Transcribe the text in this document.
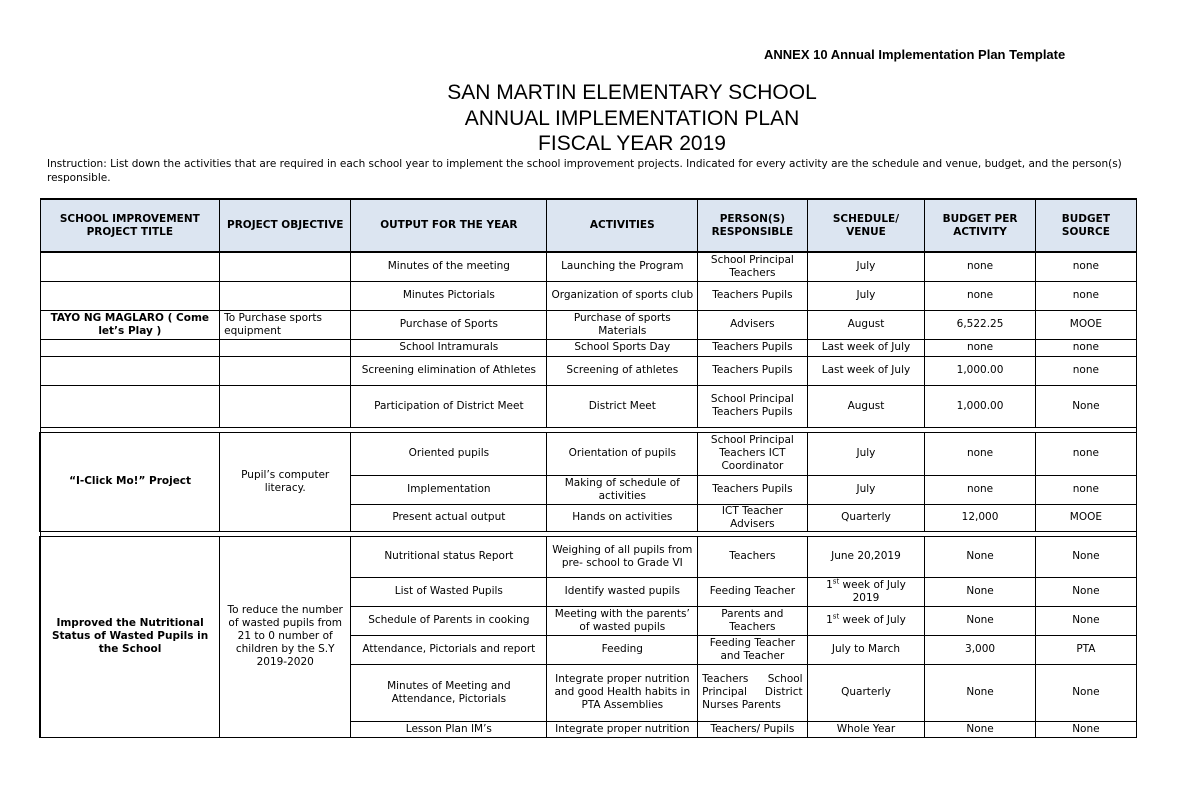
ANNEX 10 Annual Implementation Plan Template
SAN MARTIN ELEMENTARY SCHOOL
ANNUAL IMPLEMENTATION PLAN
FISCAL YEAR 2019
Instruction: List down the activities that are required in each school year to implement the school improvement projects. Indicated for every activity are the schedule and venue, budget, and the person(s) responsible.
SCHOOL IMPROVEMENT PROJECT TITLE	PROJECT OBJECTIVE	OUTPUT FOR THE YEAR	ACTIVITIES	PERSON(S) RESPONSIBLE	SCHEDULE/ VENUE	BUDGET PER ACTIVITY	BUDGET SOURCE
		Minutes of the meeting	Launching the Program	School Principal Teachers	July	none	none
		Minutes Pictorials	Organization of sports club	Teachers Pupils	July	none	none
TAYO NG MAGLARO ( Come let’s Play )	To Purchase sports equipment	Purchase of Sports	Purchase of sports Materials	Advisers	August	6,522.25	MOOE
		School Intramurals	School Sports Day	Teachers Pupils	Last week of July	none	none
		Screening elimination of Athletes	Screening of athletes	Teachers Pupils	Last week of July	1,000.00	none
		Participation of District Meet	District Meet	School Principal Teachers Pupils	August	1,000.00	None

“I-Click Mo!” Project	Pupil’s computer literacy.	Oriented pupils	Orientation of pupils	School Principal Teachers ICT Coordinator	July	none	none
		Implementation	Making of schedule of activities	Teachers Pupils	July	none	none
		Present actual output	Hands on activities	ICT Teacher Advisers	Quarterly	12,000	MOOE

Improved the Nutritional Status of Wasted Pupils in the School	To reduce the number of wasted pupils from 21 to 0 number of children by the S.Y 2019-2020	Nutritional status Report	Weighing of all pupils from pre- school to Grade VI	Teachers	June 20,2019	None	None
		List of Wasted Pupils	Identify wasted pupils	Feeding Teacher	1st week of July 2019	None	None
		Schedule of Parents in cooking	Meeting with the parents’ of wasted pupils	Parents and Teachers	1st week of July	None	None
		Attendance, Pictorials and report	Feeding	Feeding Teacher and Teacher	July to March	3,000	PTA
		Minutes of Meeting and Attendance, Pictorials	Integrate proper nutrition and good Health habits in PTA Assemblies	Teachers School Principal District Nurses Parents	Quarterly	None	None
		Lesson Plan IM’s	Integrate proper nutrition	Teachers/ Pupils	Whole Year	None	None
